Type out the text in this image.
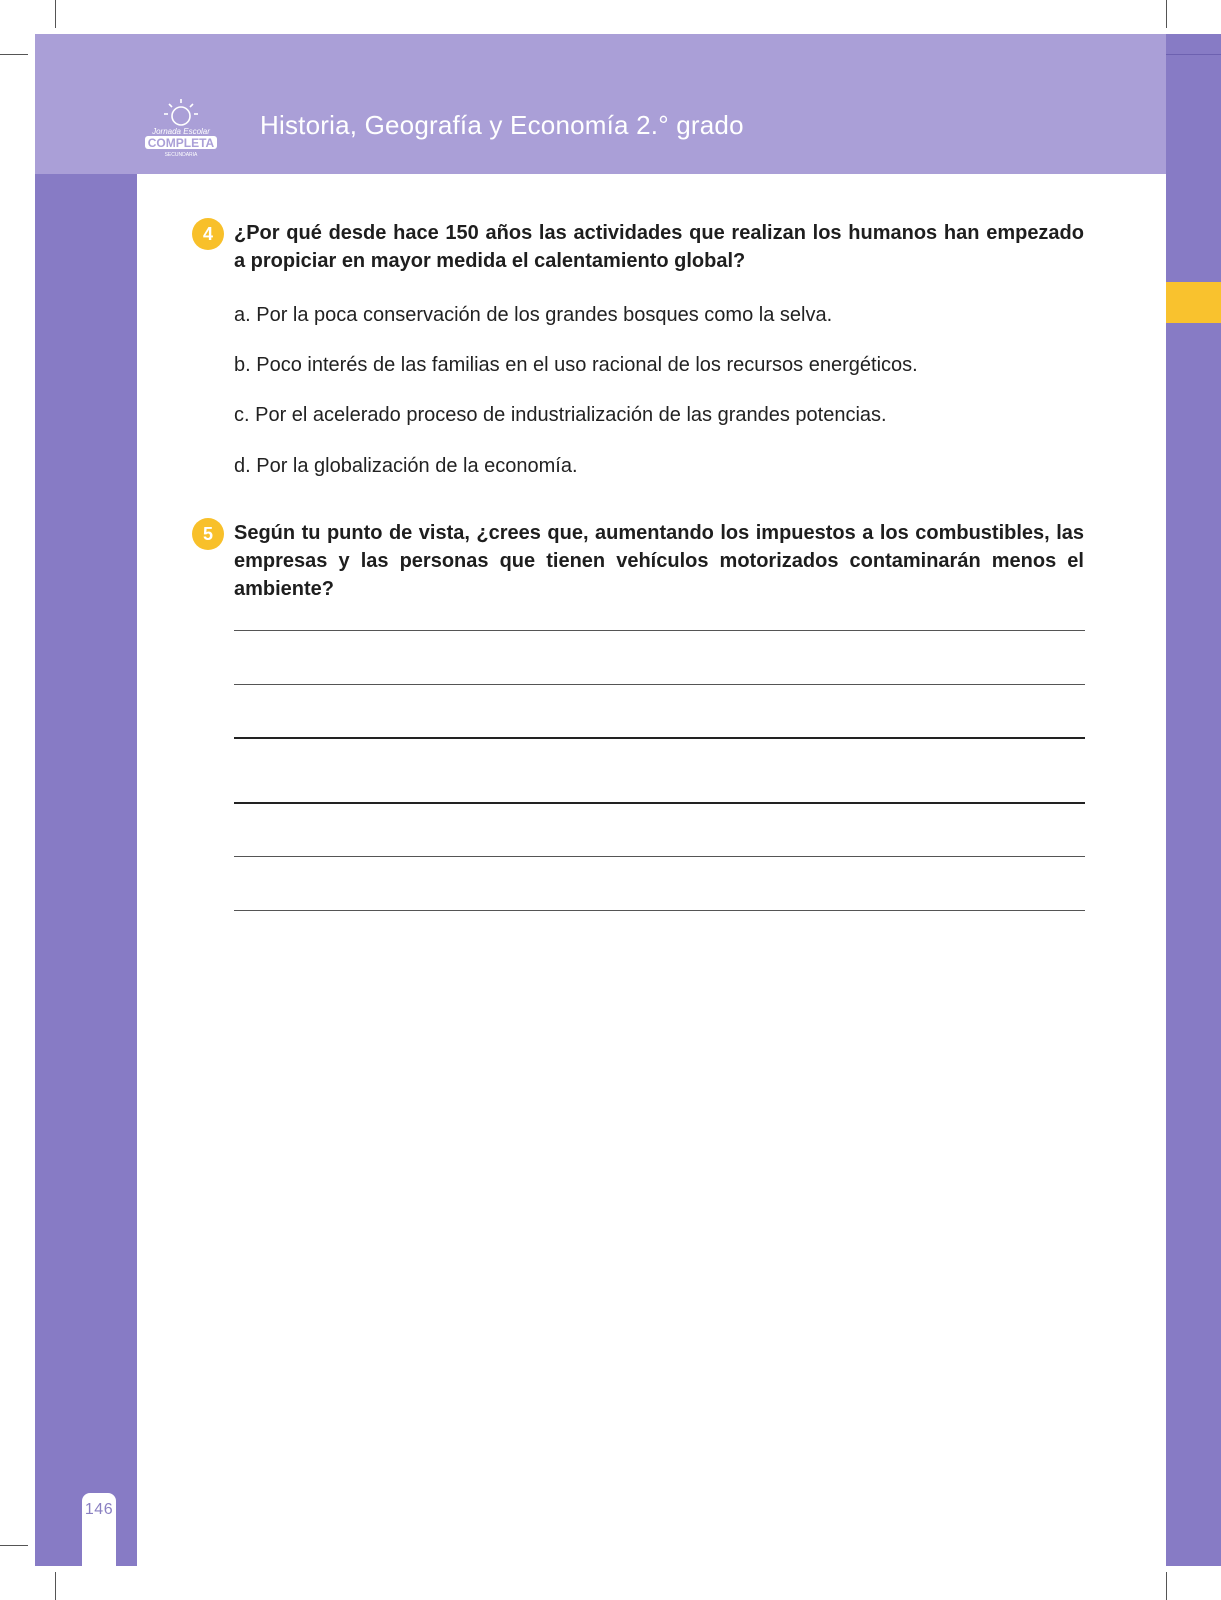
Jornada Escolar
COMPLETA
SECUNDARIA
Historia, Geografía y Economía 2.° grado
4	¿Por qué desde hace 150 años las actividades que realizan los humanos han empezado a propiciar en mayor medida el calentamiento global?
a. Por la poca conservación de los grandes bosques como la selva.
b. Poco interés de las familias en el uso racional de los recursos energéticos.
c. Por el acelerado proceso de industrialización de las grandes potencias.
d. Por la globalización de la economía.
5	Según tu punto de vista, ¿crees que, aumentando los impuestos a los combustibles, las empresas y las personas que tienen vehículos motorizados contaminarán menos el ambiente?
146
